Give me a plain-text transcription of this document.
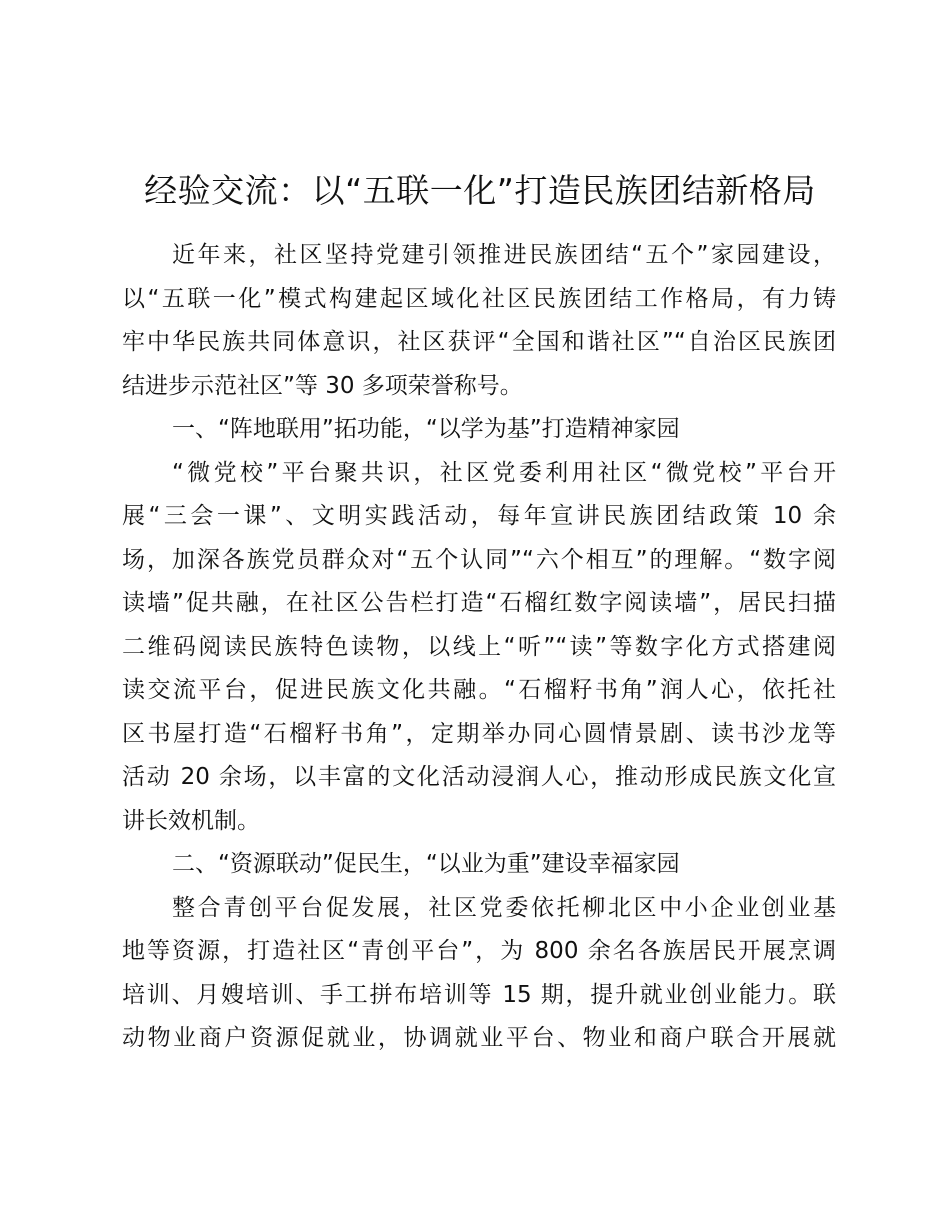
经验交流：以“五联一化”打造民族团结新格局
近年来，社区坚持党建引领推进民族团结“五个”家园建设，
以“五联一化”模式构建起区域化社区民族团结工作格局，有力铸
牢中华民族共同体意识，社区获评“全国和谐社区”“自治区民族团
结进步示范社区”等 30 多项荣誉称号。
一、“阵地联用”拓功能，“以学为基”打造精神家园
“微党校”平台聚共识，社区党委利用社区“微党校”平台开
展“三会一课”、文明实践活动，每年宣讲民族团结政策 10 余
场，加深各族党员群众对“五个认同”“六个相互”的理解。“数字阅
读墙”促共融，在社区公告栏打造“石榴红数字阅读墙”，居民扫描
二维码阅读民族特色读物，以线上“听”“读”等数字化方式搭建阅
读交流平台，促进民族文化共融。“石榴籽书角”润人心，依托社
区书屋打造“石榴籽书角”，定期举办同心圆情景剧、读书沙龙等
活动 20 余场，以丰富的文化活动浸润人心，推动形成民族文化宣
讲长效机制。
二、“资源联动”促民生，“以业为重”建设幸福家园
整合青创平台促发展，社区党委依托柳北区中小企业创业基
地等资源，打造社区“青创平台”，为 800 余名各族居民开展烹调
培训、月嫂培训、手工拼布培训等 15 期，提升就业创业能力。联
动物业商户资源促就业，协调就业平台、物业和商户联合开展就
